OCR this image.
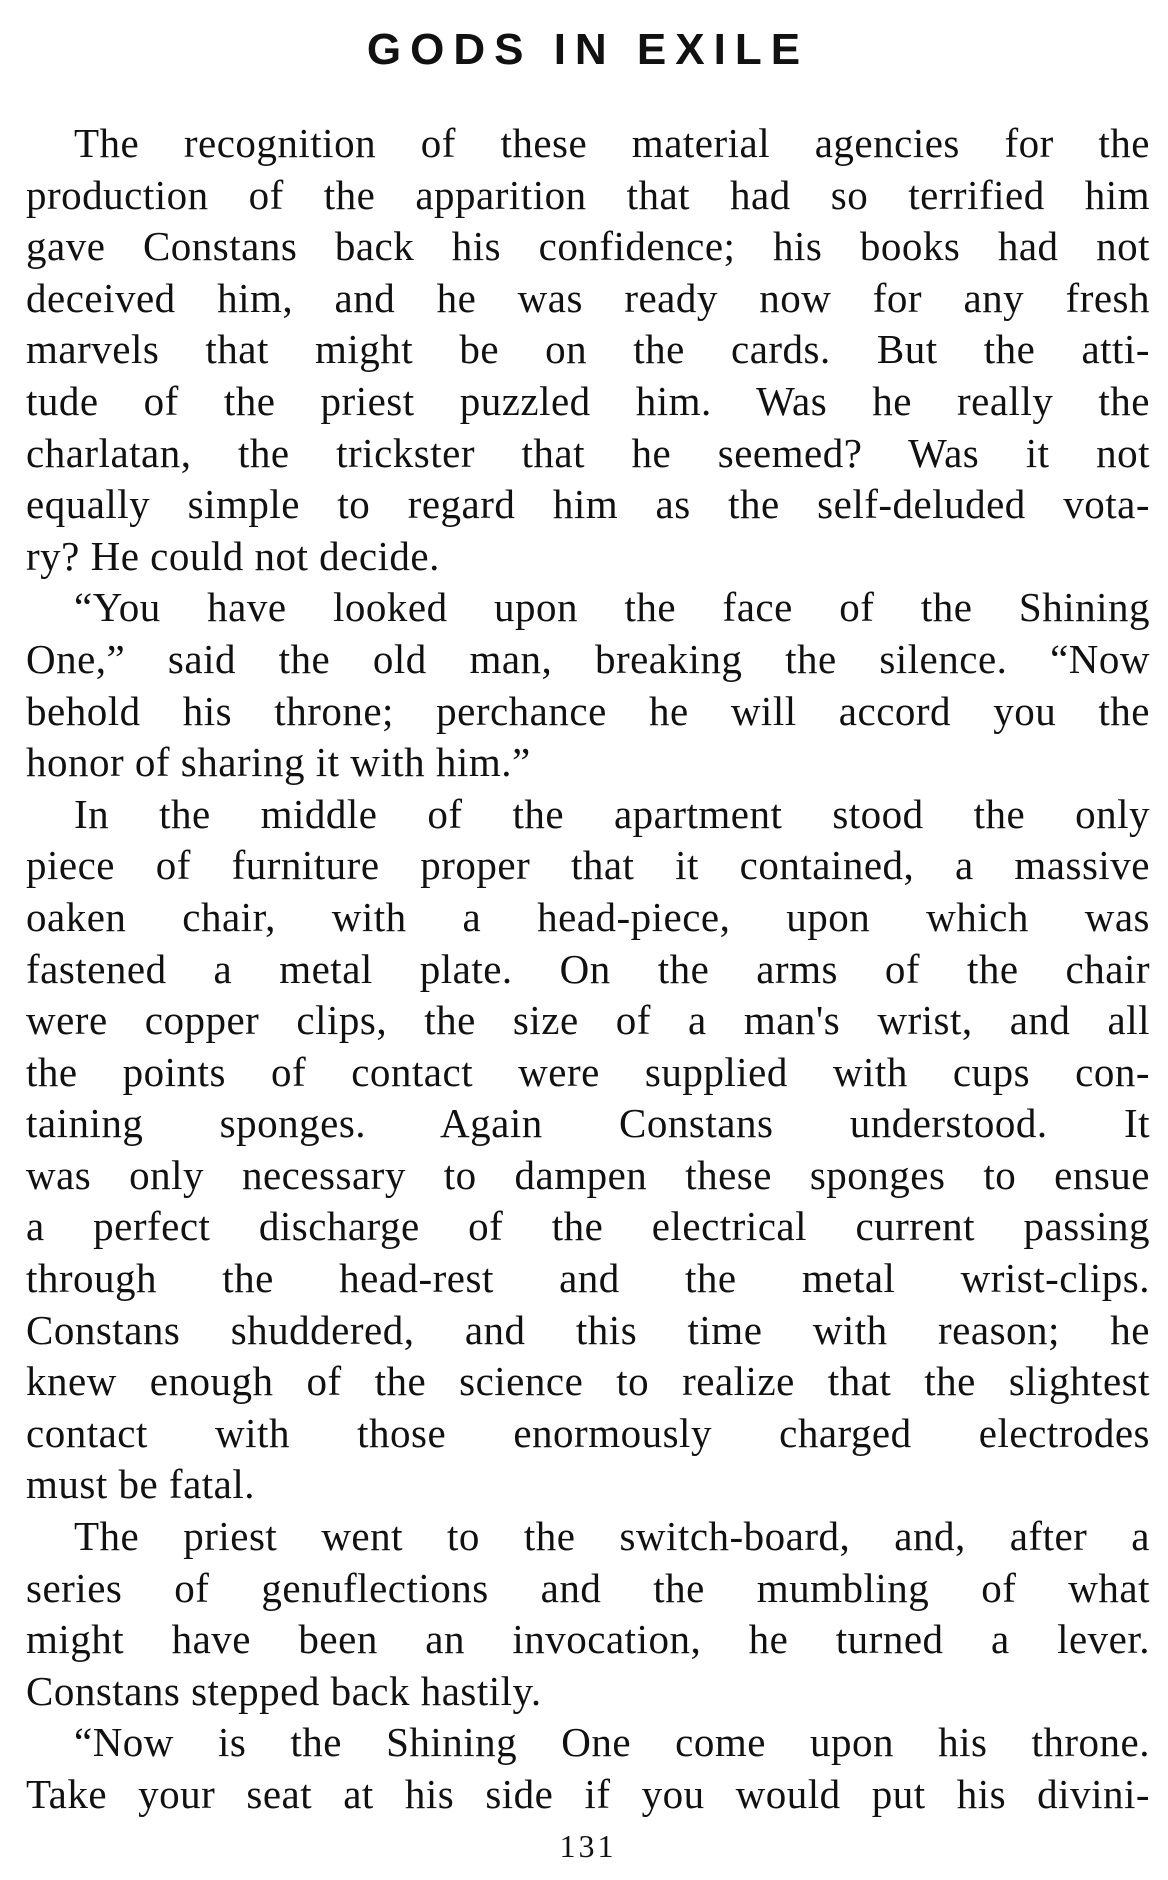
GODS IN EXILE
The recognition of these material agencies for the
production of the apparition that had so terrified him
gave Constans back his confidence; his books had not
deceived him, and he was ready now for any fresh
marvels that might be on the cards. But the atti-
tude of the priest puzzled him. Was he really the
charlatan, the trickster that he seemed? Was it not
equally simple to regard him as the self-deluded vota-
ry? He could not decide.
“You have looked upon the face of the Shining
One,” said the old man, breaking the silence. “Now
behold his throne; perchance he will accord you the
honor of sharing it with him.”
In the middle of the apartment stood the only
piece of furniture proper that it contained, a massive
oaken chair, with a head-piece, upon which was
fastened a metal plate. On the arms of the chair
were copper clips, the size of a man's wrist, and all
the points of contact were supplied with cups con-
taining sponges. Again Constans understood. It
was only necessary to dampen these sponges to ensue
a perfect discharge of the electrical current passing
through the head-rest and the metal wrist-clips.
Constans shuddered, and this time with reason; he
knew enough of the science to realize that the slightest
contact with those enormously charged electrodes
must be fatal.
The priest went to the switch-board, and, after a
series of genuflections and the mumbling of what
might have been an invocation, he turned a lever.
Constans stepped back hastily.
“Now is the Shining One come upon his throne.
Take your seat at his side if you would put his divini-
131
